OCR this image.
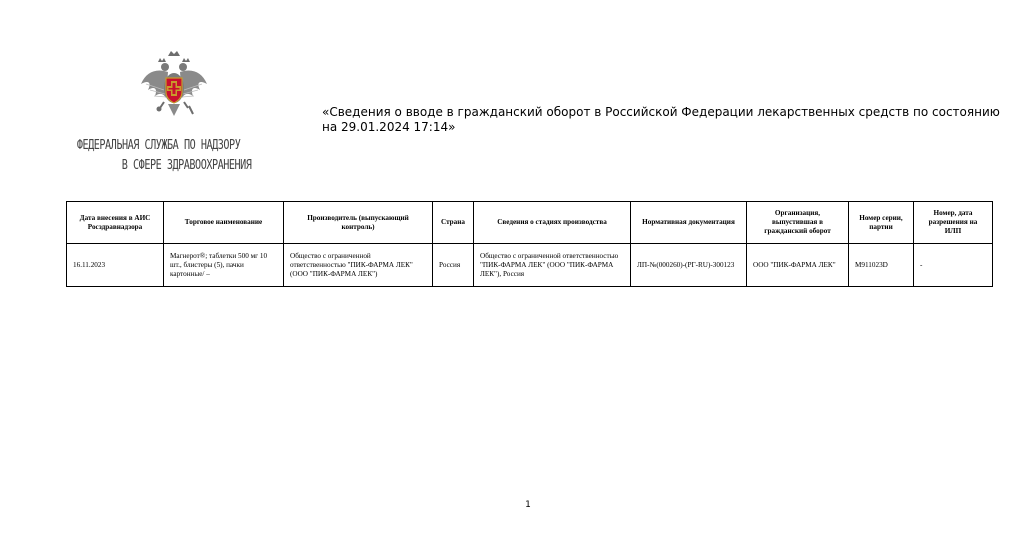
ФЕДЕРАЛЬНАЯ СЛУЖБА ПО НАДЗОРУ
В СФЕРЕ ЗДРАВООХРАНЕНИЯ
«Сведения о вводе в гражданский оборот в Российской Федерации лекарственных средств по состоянию на 29.01.2024 17:14»
Дата внесения в АИС Росздравнадзора	Торговое наименование	Производитель (выпускающий контроль)	Страна	Сведения о стадиях производства	Нормативная документация	Организация, выпустившая в гражданский оборот	Номер серии, партии	Номер, дата разрешения на ИЛП
16.11.2023	Магнерот®; таблетки 500 мг 10 шт., блистеры (5), пачки картонные/ –	Общество с ограниченной ответственностью "ПИК-ФАРМА ЛЕК" (ООО "ПИК-ФАРМА ЛЕК")	Россия	Общество с ограниченной ответственностью "ПИК-ФАРМА ЛЕК" (ООО "ПИК-ФАРМА ЛЕК"), Россия	ЛП-№(000260)-(РГ-RU)-300123	ООО "ПИК-ФАРМА ЛЕК"	M911023D	-
1
